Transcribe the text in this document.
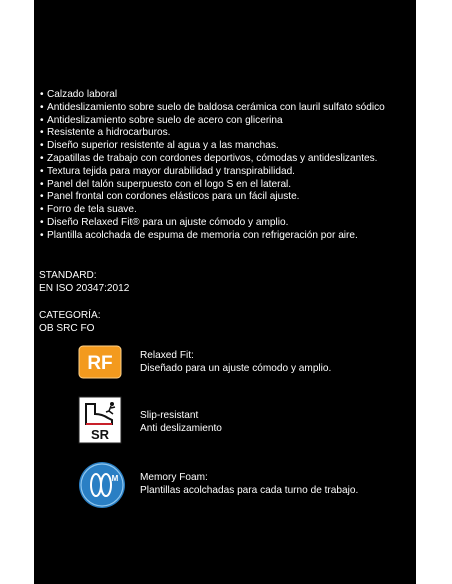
• Calzado laboral
• Antideslizamiento sobre suelo de baldosa cerámica con lauril sulfato sódico
• Antideslizamiento sobre suelo de acero con glicerina
• Resistente a hidrocarburos.
• Diseño superior resistente al agua y a las manchas.
• Zapatillas de trabajo con cordones deportivos, cómodas y antideslizantes.
• Textura tejida para mayor durabilidad y transpirabilidad.
• Panel del talón superpuesto con el logo S en el lateral.
• Panel frontal con cordones elásticos para un fácil ajuste.
• Forro de tela suave.
• Diseño Relaxed Fit® para un ajuste cómodo y amplio.
• Plantilla acolchada de espuma de memoria con refrigeración por aire.
STANDARD:
EN ISO 20347:2012
CATEGORÍA:
OB SRC FO
RF	Relaxed Fit:
Diseñado para un ajuste cómodo y amplio.
SR
Slip-resistant
Anti deslizamiento
M Memory Foam:
Plantillas acolchadas para cada turno de trabajo.
